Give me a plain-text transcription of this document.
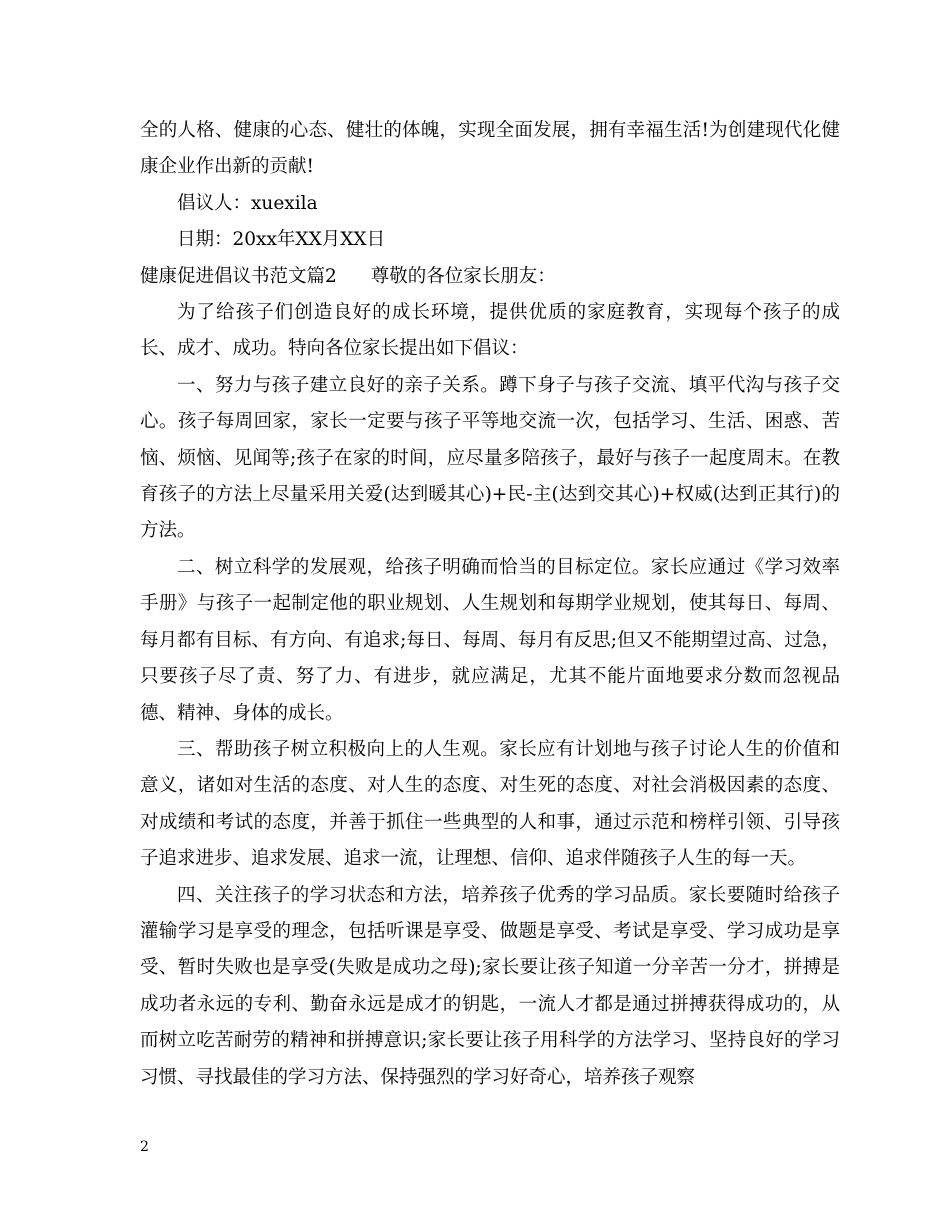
全的人格、健康的心态、健壮的体魄，实现全面发展，拥有幸福生活!为创建现代化健康企业作出新的贡献!

倡议人：xuexila

日期：20xx年XX月XX日

健康促进倡议书范文篇2 尊敬的各位家长朋友：

为了给孩子们创造良好的成长环境，提供优质的家庭教育，实现每个孩子的成长、成才、成功。特向各位家长提出如下倡议：

一、努力与孩子建立良好的亲子关系。蹲下身子与孩子交流、填平代沟与孩子交心。孩子每周回家，家长一定要与孩子平等地交流一次，包括学习、生活、困惑、苦恼、烦恼、见闻等;孩子在家的时间，应尽量多陪孩子，最好与孩子一起度周末。在教育孩子的方法上尽量采用关爱(达到暖其心)+民-主(达到交其心)+权威(达到正其行)的方法。

二、树立科学的发展观，给孩子明确而恰当的目标定位。家长应通过《学习效率手册》与孩子一起制定他的职业规划、人生规划和每期学业规划，使其每日、每周、每月都有目标、有方向、有追求;每日、每周、每月有反思;但又不能期望过高、过急，只要孩子尽了责、努了力、有进步，就应满足，尤其不能片面地要求分数而忽视品德、精神、身体的成长。

三、帮助孩子树立积极向上的人生观。家长应有计划地与孩子讨论人生的价值和意义，诸如对生活的态度、对人生的态度、对生死的态度、对社会消极因素的态度、对成绩和考试的态度，并善于抓住一些典型的人和事，通过示范和榜样引领、引导孩子追求进步、追求发展、追求一流，让理想、信仰、追求伴随孩子人生的每一天。

四、关注孩子的学习状态和方法，培养孩子优秀的学习品质。家长要随时给孩子灌输学习是享受的理念，包括听课是享受、做题是享受、考试是享受、学习成功是享受、暂时失败也是享受(失败是成功之母);家长要让孩子知道一分辛苦一分才，拼搏是成功者永远的专利、勤奋永远是成才的钥匙，一流人才都是通过拼搏获得成功的，从而树立吃苦耐劳的精神和拼搏意识;家长要让孩子用科学的方法学习、坚持良好的学习习惯、寻找最佳的学习方法、保持强烈的学习好奇心，培养孩子观察

2
